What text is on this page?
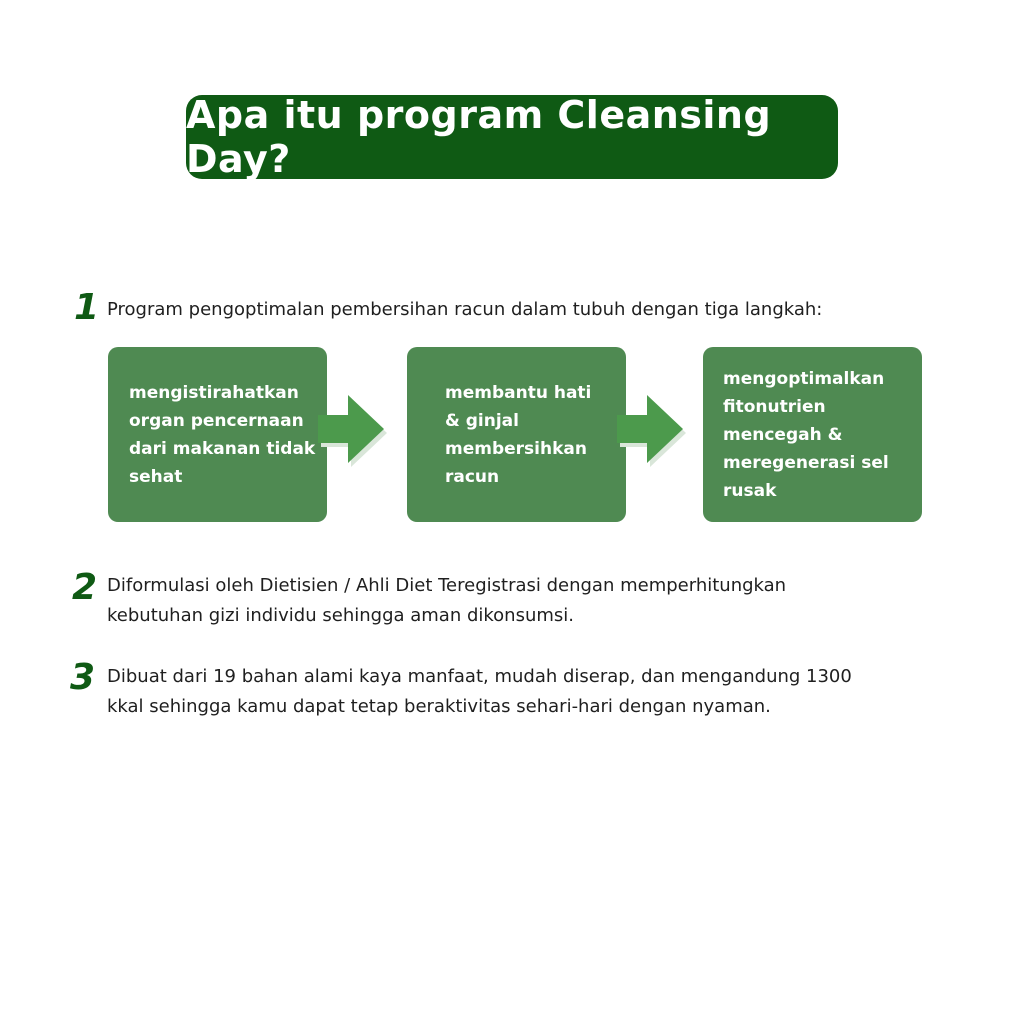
Apa itu program Cleansing Day?
1 Program pengoptimalan pembersihan racun dalam tubuh dengan tiga langkah:
mengistirahatkan
organ pencernaan
dari makanan tidak
sehat
membantu hati
& ginjal
membersihkan
racun
mengoptimalkan
fitonutrien
mencegah &
meregenerasi sel
rusak
2 Diformulasi oleh Dietisien / Ahli Diet Teregistrasi dengan memperhitungkan
kebutuhan gizi individu sehingga aman dikonsumsi.
3 Dibuat dari 19 bahan alami kaya manfaat, mudah diserap, dan mengandung 1300
kkal sehingga kamu dapat tetap beraktivitas sehari-hari dengan nyaman.
